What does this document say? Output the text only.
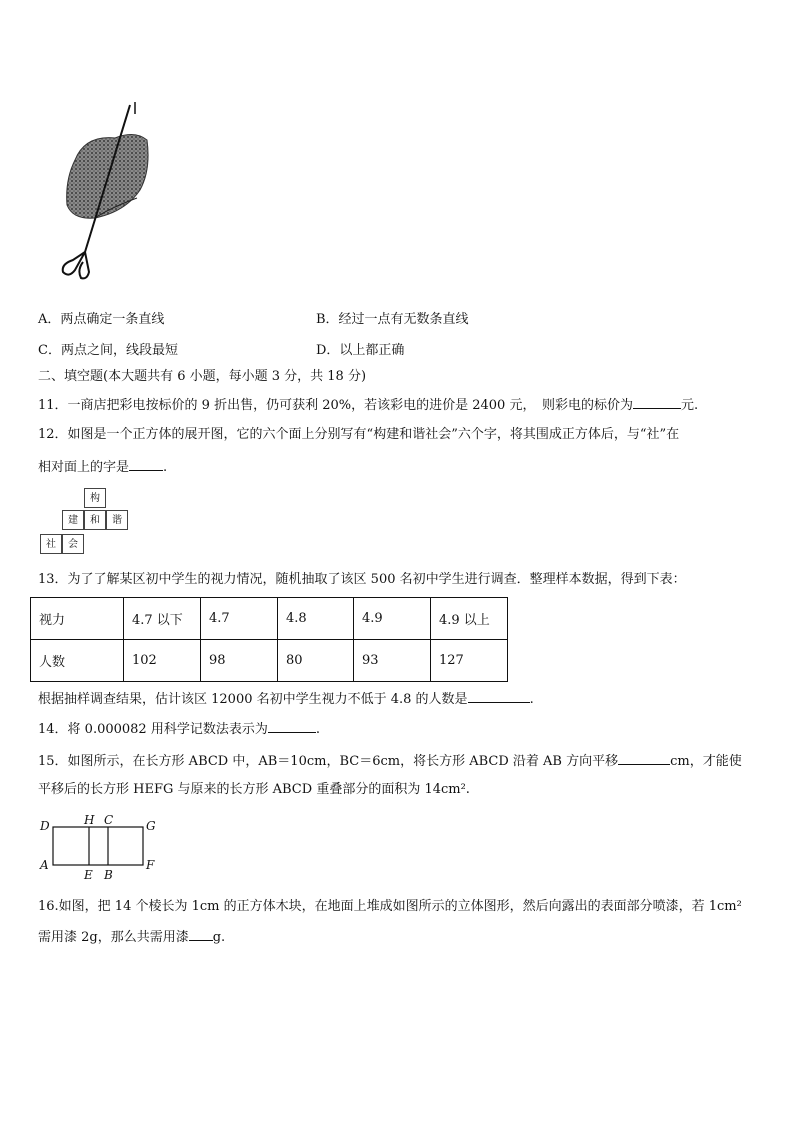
A．两点确定一条直线	B．经过一点有无数条直线
C．两点之间，线段最短	D．以上都正确
二、填空题(本大题共有 6 小题，每小题 3 分，共 18 分)
11．一商店把彩电按标价的 9 折出售，仍可获利 20%，若该彩电的进价是 2400 元，　则彩电的标价为	元.
12．如图是一个正方体的展开图，它的六个面上分别写有“构建和谐社会”六个字，将其围成正方体后，与“社”在
相对面上的字是	.
构
建	和	谐
社	会
13．为了了解某区初中学生的视力情况，随机抽取了该区 500 名初中学生进行调查．整理样本数据，得到下表：
视力	4.7 以下	4.7	4.8	4.9	4.9 以上
人数	102	98	80	93	127
根据抽样调查结果，估计该区 12000 名初中学生视力不低于 4.8 的人数是	.
14．将 0.000082 用科学记数法表示为	.
15．如图所示，在长方形 ABCD 中，AB＝10cm，BC＝6cm，将长方形 ABCD 沿着 AB 方向平移	cm，才能使
平移后的长方形 HEFG 与原来的长方形 ABCD 重叠部分的面积为 14cm².
D	H C	G
A	F
E B
16.如图，把 14 个棱长为 1cm 的正方体木块，在地面上堆成如图所示的立体图形，然后向露出的表面部分喷漆，若 1cm²
需用漆 2g，那么共需用漆 g.
